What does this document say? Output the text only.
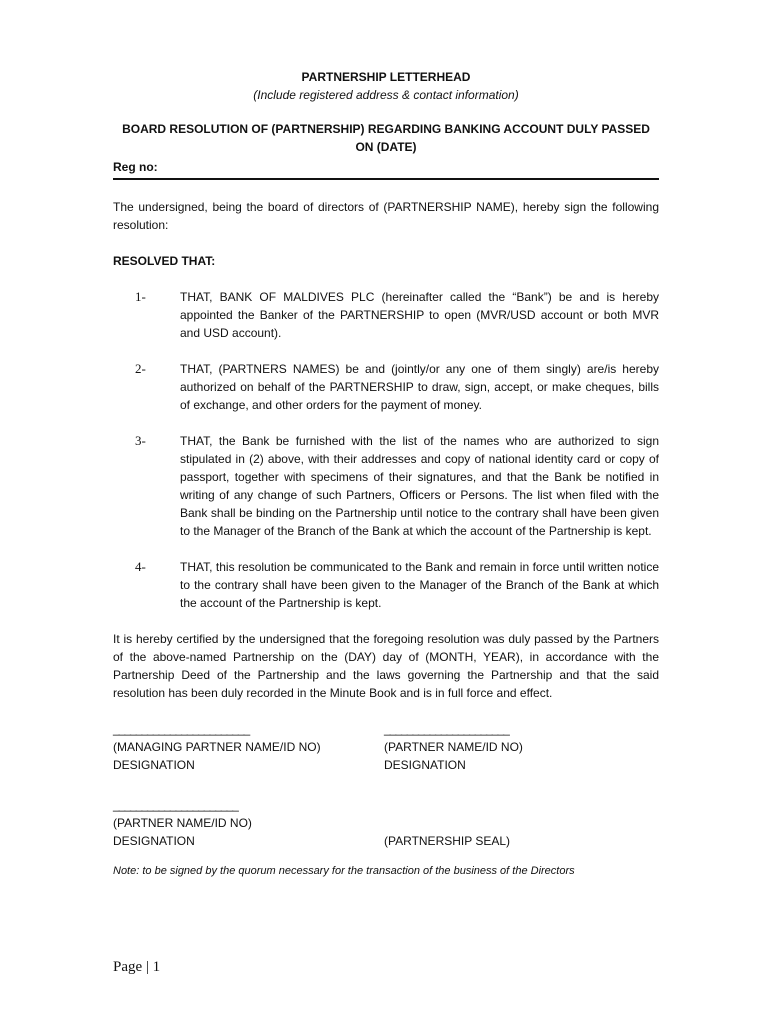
PARTNERSHIP LETTERHEAD
(Include registered address & contact information)
BOARD RESOLUTION OF (PARTNERSHIP) REGARDING BANKING ACCOUNT DULY PASSED ON (DATE)
Reg no:
The undersigned, being the board of directors of (PARTNERSHIP NAME), hereby sign the following resolution:
RESOLVED THAT:
1-	THAT, BANK OF MALDIVES PLC (hereinafter called the “Bank”) be and is hereby appointed the Banker of the PARTNERSHIP to open (MVR/USD account or both MVR and USD account).
2-	THAT, (PARTNERS NAMES) be and (jointly/or any one of them singly) are/is hereby authorized on behalf of the PARTNERSHIP to draw, sign, accept, or make cheques, bills of exchange, and other orders for the payment of money.
3-	THAT, the Bank be furnished with the list of the names who are authorized to sign stipulated in (2) above, with their addresses and copy of national identity card or copy of passport, together with specimens of their signatures, and that the Bank be notified in writing of any change of such Partners, Officers or Persons. The list when filed with the Bank shall be binding on the Partnership until notice to the contrary shall have been given to the Manager of the Branch of the Bank at which the account of the Partnership is kept.
4-	THAT, this resolution be communicated to the Bank and remain in force until written notice to the contrary shall have been given to the Manager of the Branch of the Bank at which the account of the Partnership is kept.
It is hereby certified by the undersigned that the foregoing resolution was duly passed by the Partners of the above-named Partnership on the (DAY) day of (MONTH, YEAR), in accordance with the Partnership Deed of the Partnership and the laws governing the Partnership and that the said resolution has been duly recorded in the Minute Book and is in full force and effect.
________________________
(MANAGING PARTNER NAME/ID NO)
DESIGNATION
______________________
(PARTNER NAME/ID NO)
DESIGNATION
______________________
(PARTNER NAME/ID NO)
DESIGNATION	(PARTNERSHIP SEAL)
Note: to be signed by the quorum necessary for the transaction of the business of the Directors
Page | 1
